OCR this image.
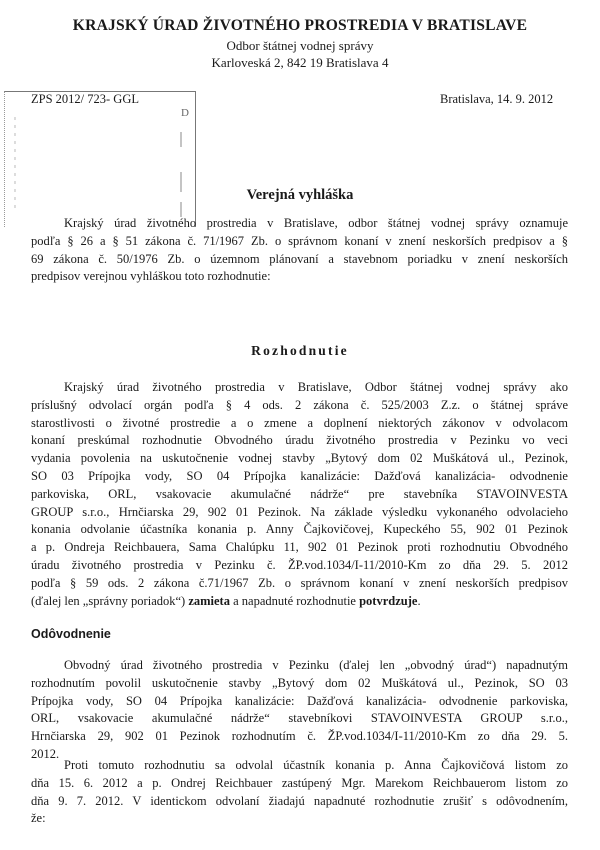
KRAJSKÝ ÚRAD ŽIVOTNÉHO PROSTREDIA V BRATISLAVE
Odbor štátnej vodnej správy
Karloveská 2, 842 19 Bratislava 4
D
ZPS 2012/ 723- GGL	Bratislava, 14. 9. 2012
Verejná vyhláška
Krajský úrad životného prostredia v Bratislave, odbor štátnej vodnej správy oznamuje
podľa § 26 a § 51 zákona č. 71/1967 Zb. o správnom konaní v znení neskorších predpisov a §
69 zákona č. 50/1976 Zb. o územnom plánovaní a stavebnom poriadku v znení neskorších
predpisov verejnou vyhláškou toto rozhodnutie:
Rozhodnutie
Krajský úrad životného prostredia v Bratislave, Odbor štátnej vodnej správy ako
príslušný odvolací orgán podľa § 4 ods. 2 zákona č. 525/2003 Z.z. o štátnej správe
starostlivosti o životné prostredie a o zmene a doplnení niektorých zákonov v odvolacom
konaní preskúmal rozhodnutie Obvodného úradu životného prostredia v Pezinku vo veci
vydania povolenia na uskutočnenie vodnej stavby „Bytový dom 02 Muškátová ul., Pezinok,
SO 03 Prípojka vody, SO 04 Prípojka kanalizácie: Dažďová kanalizácia- odvodnenie
parkoviska, ORL, vsakovacie akumulačné nádrže“ pre stavebníka STAVOINVESTA
GROUP s.r.o., Hrnčiarska 29, 902 01 Pezinok. Na základe výsledku vykonaného odvolacieho
konania odvolanie účastníka konania p. Anny Čajkovičovej, Kupeckého 55, 902 01 Pezinok
a p. Ondreja Reichbauera, Sama Chalúpku 11, 902 01 Pezinok proti rozhodnutiu Obvodného
úradu životného prostredia v Pezinku č. ŽP.vod.1034/I-11/2010-Km zo dňa 29. 5. 2012
podľa § 59 ods. 2 zákona č.71/1967 Zb. o správnom konaní v znení neskorších predpisov
(ďalej len „správny poriadok“) zamieta a napadnuté rozhodnutie potvrdzuje.
Odôvodnenie
Obvodný úrad životného prostredia v Pezinku (ďalej len „obvodný úrad“) napadnutým
rozhodnutím povolil uskutočnenie stavby „Bytový dom 02 Muškátová ul., Pezinok, SO 03
Prípojka vody, SO 04 Prípojka kanalizácie: Dažďová kanalizácia- odvodnenie parkoviska,
ORL, vsakovacie akumulačné nádrže“ stavebníkovi STAVOINVESTA GROUP s.r.o.,
Hrnčiarska 29, 902 01 Pezinok rozhodnutím č. ŽP.vod.1034/I-11/2010-Km zo dňa 29. 5.
2012.
Proti tomuto rozhodnutiu sa odvolal účastník konania p. Anna Čajkovičová listom zo
dňa 15. 6. 2012 a p. Ondrej Reichbauer zastúpený Mgr. Marekom Reichbauerom listom zo
dňa 9. 7. 2012. V identickom odvolaní žiadajú napadnuté rozhodnutie zrušiť s odôvodnením,
že:
